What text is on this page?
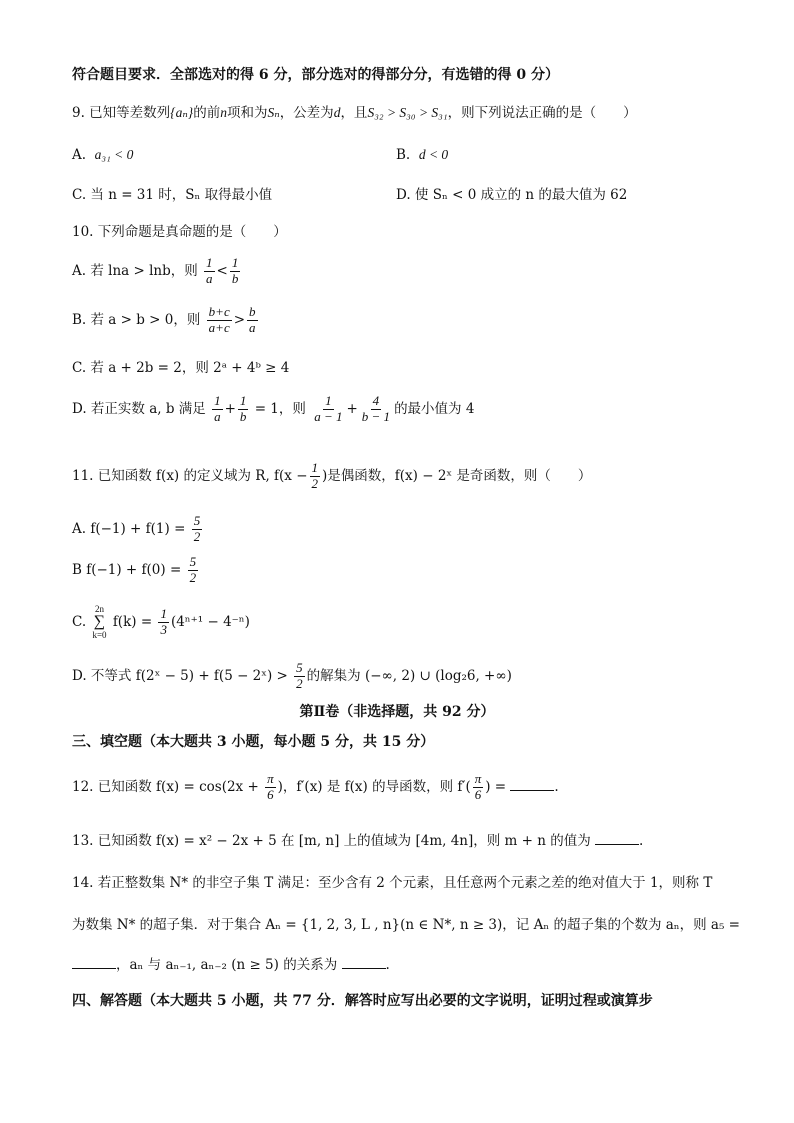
符合题目要求．全部选对的得 6 分，部分选对的得部分分，有选错的得 0 分）
9. 已知等差数列{aₙ}的前n项和为Sₙ，公差为d，且S₃₂ > S₃₀ > S₃₁，则下列说法正确的是（　　）
A. a₃₁ < 0	B. d < 0
C. 当 n = 31 时，Sₙ 取得最小值	D. 使 Sₙ < 0 成立的 n 的最大值为 62
10. 下列命题是真命题的是（　　）
A. 若 lna > lnb，则 $\frac{1}{a} < \frac{1}{b}$
B. 若 a > b > 0，则 $\frac{b+c}{a+c} > \frac{b}{a}$
C. 若 a + 2b = 2，则 2ᵃ + 4ᵇ ≥ 4
D. 若正实数 a, b 满足 $\frac{1}{a} + \frac{1}{b} = 1$，则 $\frac{1}{a - 1} + \frac{4}{b - 1}$ 的最小值为 4
11. 已知函数 f(x) 的定义域为 R, $f(x - \frac{1}{2}$ )是偶函数，f(x) − 2ˣ 是奇函数，则（　　）
A. $f(-1) + f(1) = \frac{5}{2}$
B $f(-1) + f(0) = \frac{5}{2}$
C.
2n
∑
k=0
$f(k) = \frac{1}{3} (4^{n+1} - 4^{-n})$
D. 不等式 f(2ˣ − 5) + f(5 − 2ˣ) > $\frac{5}{2}$ 的解集为 (−∞, 2) ∪ (log₂6, +∞)
第Ⅱ卷（非选择题，共 92 分）
三、填空题（本大题共 3 小题，每小题 5 分，共 15 分）
12. 已知函数 $f(x) = \cos(2x + \frac{\pi}{6}$ )，f′(x) 是 f(x) 的导函数，则 $f'( \frac{\pi}{6}$ ) =	.
13. 已知函数 f(x) = x² − 2x + 5 在 [m, n] 上的值域为 [4m, 4n]，则 m + n 的值为	.
14. 若正整数集 N* 的非空子集 T 满足：至少含有 2 个元素，且任意两个元素之差的绝对值大于 1，则称 T
为数集 N* 的超子集．对于集合 Aₙ = {1, 2, 3, L , n}(n ∈ N*, n ≥ 3)，记 Aₙ 的超子集的个数为 aₙ，则 a₅ =
，aₙ 与 aₙ₋₁, aₙ₋₂ (n ≥ 5) 的关系为	.
四、解答题（本大题共 5 小题，共 77 分．解答时应写出必要的文字说明，证明过程或演算步
